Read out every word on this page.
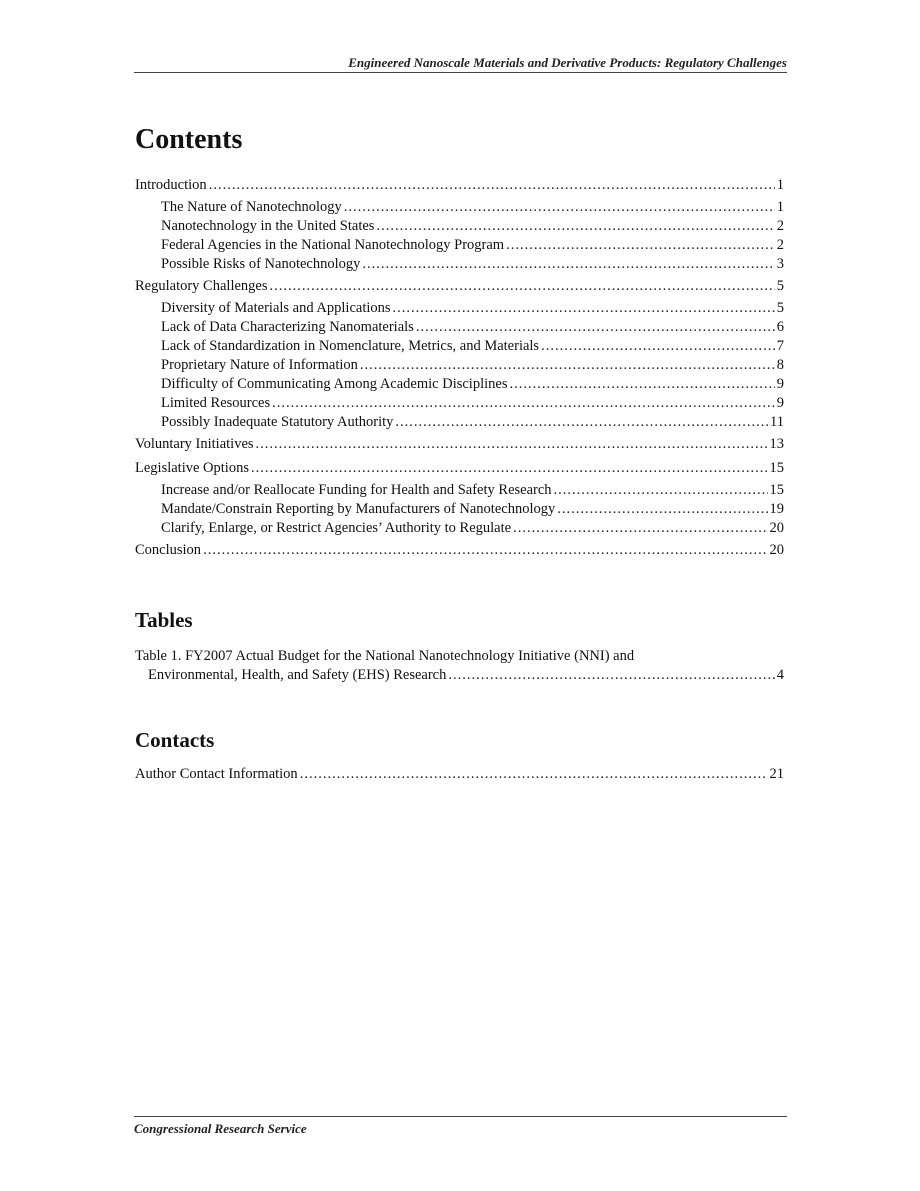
Engineered Nanoscale Materials and Derivative Products: Regulatory Challenges
Contents
Introduction .....	1
The Nature of Nanotechnology .....	1
Nanotechnology in the United States .....	2
Federal Agencies in the National Nanotechnology Program .....	2
Possible Risks of Nanotechnology .....	3
Regulatory Challenges .....	5
Diversity of Materials and Applications .....	5
Lack of Data Characterizing Nanomaterials .....	6
Lack of Standardization in Nomenclature, Metrics, and Materials .....	7
Proprietary Nature of Information .....	8
Difficulty of Communicating Among Academic Disciplines .....	9
Limited Resources .....	9
Possibly Inadequate Statutory Authority .....	11
Voluntary Initiatives .....	13
Legislative Options .....	15
Increase and/or Reallocate Funding for Health and Safety Research .....	15
Mandate/Constrain Reporting by Manufacturers of Nanotechnology .....	19
Clarify, Enlarge, or Restrict Agencies’ Authority to Regulate .....	20
Conclusion .....	20
Tables
Table 1. FY2007 Actual Budget for the National Nanotechnology Initiative (NNI) and
Environmental, Health, and Safety (EHS) Research .....	4
Contacts
Author Contact Information .....	21
Congressional Research Service
